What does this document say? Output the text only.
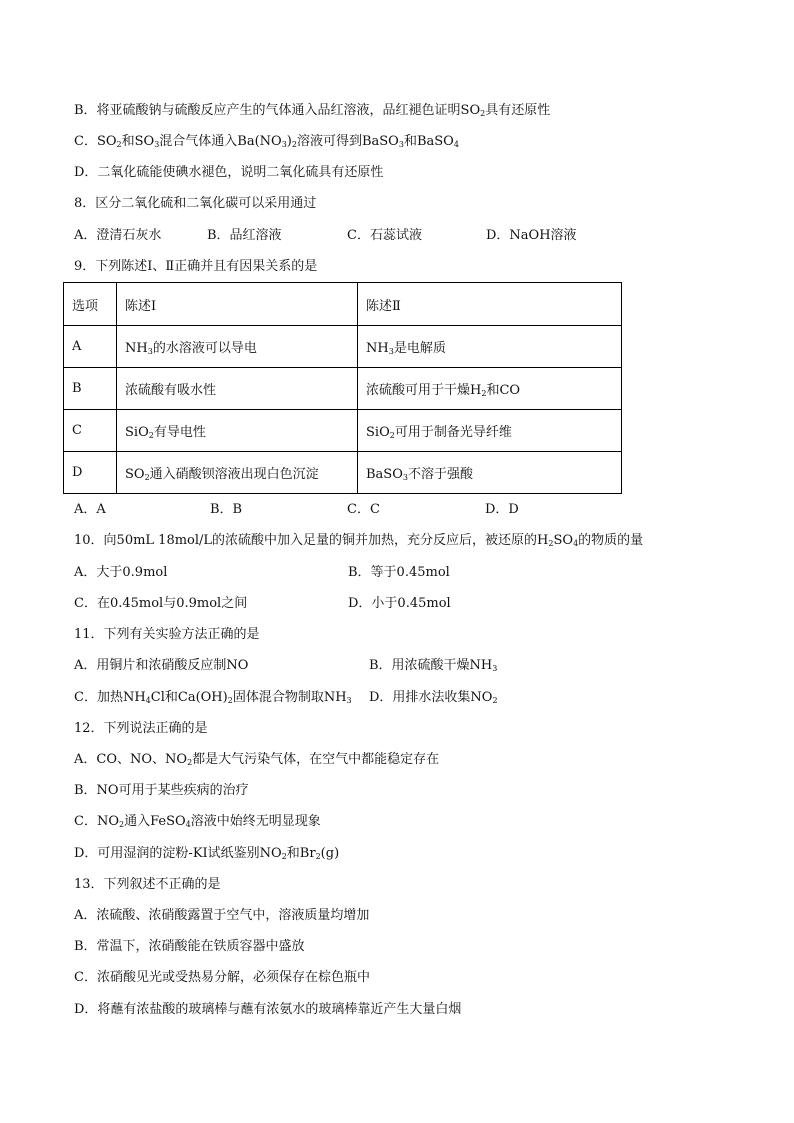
B．将亚硫酸钠与硫酸反应产生的气体通入品红溶液，品红褪色证明$SO_2$具有还原性
C．$SO_2$和$SO_3$混合气体通入$Ba(NO_3)_2$溶液可得到BaSO$_3$和BaSO$_4$
D．二氧化硫能使碘水褪色，说明二氧化硫具有还原性
8．区分二氧化硫和二氧化碳可以采用通过
A．澄清石灰水	B．品红溶液	C．石蕊试液	D．NaOH溶液
9．下列陈述Ⅰ、Ⅱ正确并且有因果关系的是
选项	陈述Ⅰ	陈述Ⅱ
A	$NH_3$的水溶液可以导电	$NH_3$是电解质
B	浓硫酸有吸水性	浓硫酸可用于干燥$H_2$和CO
C	SiO$_2$有导电性	SiO$_2$可用于制备光导纤维
D	$SO_2$通入硝酸钡溶液出现白色沉淀	BaSO$_3$不溶于强酸
A．A	B．B	C．C	D．D
10．向50mL 18mol/L的浓硫酸中加入足量的铜并加热，充分反应后，被还原的$H_2SO_4$的物质的量
A．大于0.9mol	B．等于0.45mol
C．在0.45mol与0.9mol之间	D．小于0.45mol
11．下列有关实验方法正确的是
A．用铜片和浓硝酸反应制NO	B．用浓硫酸干燥$NH_3$
C．加热$NH_4Cl$和$Ca(OH)_2$固体混合物制取$NH_3$ D．用排水法收集$NO_2$
12．下列说法正确的是
A．CO、NO、$NO_2$都是大气污染气体，在空气中都能稳定存在
B．NO可用于某些疾病的治疗
C．$NO_2$通入FeSO$_4$溶液中始终无明显现象
D．可用湿润的淀粉-KI试纸鉴别$NO_2$和$Br_2(g)$
13．下列叙述不正确的是
A．浓硫酸、浓硝酸露置于空气中，溶液质量均增加
B．常温下，浓硝酸能在铁质容器中盛放
C．浓硝酸见光或受热易分解，必须保存在棕色瓶中
D．将蘸有浓盐酸的玻璃棒与蘸有浓氨水的玻璃棒靠近产生大量白烟
